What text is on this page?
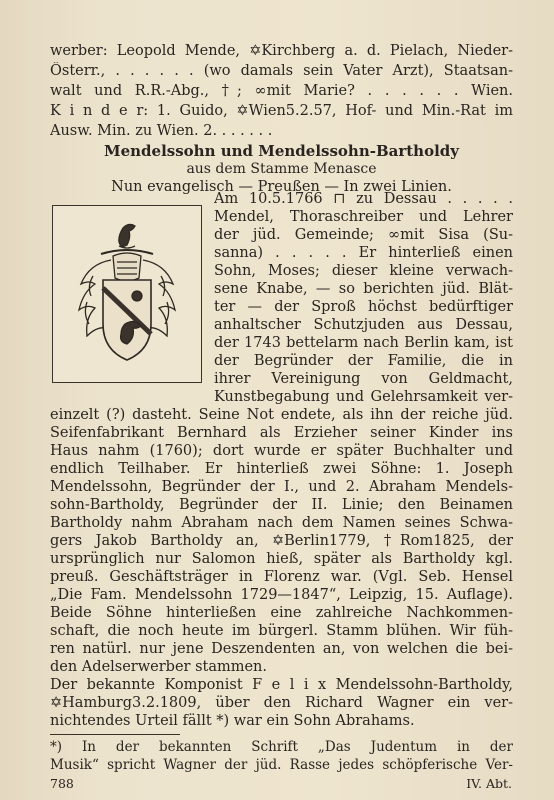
werber: Leopold Mende, ✡Kirchberg a. d. Pielach, Nieder-
Österr., . . . . . . (wo damals sein Vater Arzt), Staatsan-
walt und R.R.-Abg., †; ∞mit Marie? . . . . . . Wien.
K i n d e r: 1. Guido, ✡Wien5.2.57, Hof- und Min.-Rat im
Ausw. Min. zu Wien. 2. . . . . . .
Mendelssohn und Mendelssohn-Bartholdy
aus dem Stamme Menasce
Nun evangelisch — Preußen — In zwei Linien.
Am 10.5.1766 ⊓ zu Dessau . . . . .
Mendel, Thoraschreiber und Lehrer
der jüd. Gemeinde; ∞mit Sisa (Su-
sanna) . . . . . Er hinterließ einen
Sohn, Moses; dieser kleine verwach-
sene Knabe, — so berichten jüd. Blät-
ter — der Sproß höchst bedürftiger
anhaltscher Schutzjuden aus Dessau,
der 1743 bettelarm nach Berlin kam, ist
der Begründer der Familie, die in
ihrer Vereinigung von Geldmacht,
Kunstbegabung und Gelehrsamkeit ver-
einzelt (?) dasteht. Seine Not endete, als ihn der reiche jüd.
Seifenfabrikant Bernhard als Erzieher seiner Kinder ins
Haus nahm (1760); dort wurde er später Buchhalter und
endlich Teilhaber. Er hinterließ zwei Söhne: 1. Joseph
Mendelssohn, Begründer der I., und 2. Abraham Mendels-
sohn-Bartholdy, Begründer der II. Linie; den Beinamen
Bartholdy nahm Abraham nach dem Namen seines Schwa-
gers Jakob Bartholdy an, ✡Berlin1779, †Rom1825, der
ursprünglich nur Salomon hieß, später als Bartholdy kgl.
preuß. Geschäftsträger in Florenz war. (Vgl. Seb. Hensel
„Die Fam. Mendelssohn 1729—1847“, Leipzig, 15. Auflage).
Beide Söhne hinterließen eine zahlreiche Nachkommen-
schaft, die noch heute im bürgerl. Stamm blühen. Wir füh-
ren natürl. nur jene Deszendenten an, von welchen die bei-
den Adelserwerber stammen.
Der bekannte Komponist F e l i x Mendelssohn-Bartholdy,
✡Hamburg3.2.1809, über den Richard Wagner ein ver-
nichtendes Urteil fällt *) war ein Sohn Abrahams.
*) In der bekannten Schrift „Das Judentum in der
Musik“ spricht Wagner der jüd. Rasse jedes schöpferische Ver-
788	IV. Abt.
